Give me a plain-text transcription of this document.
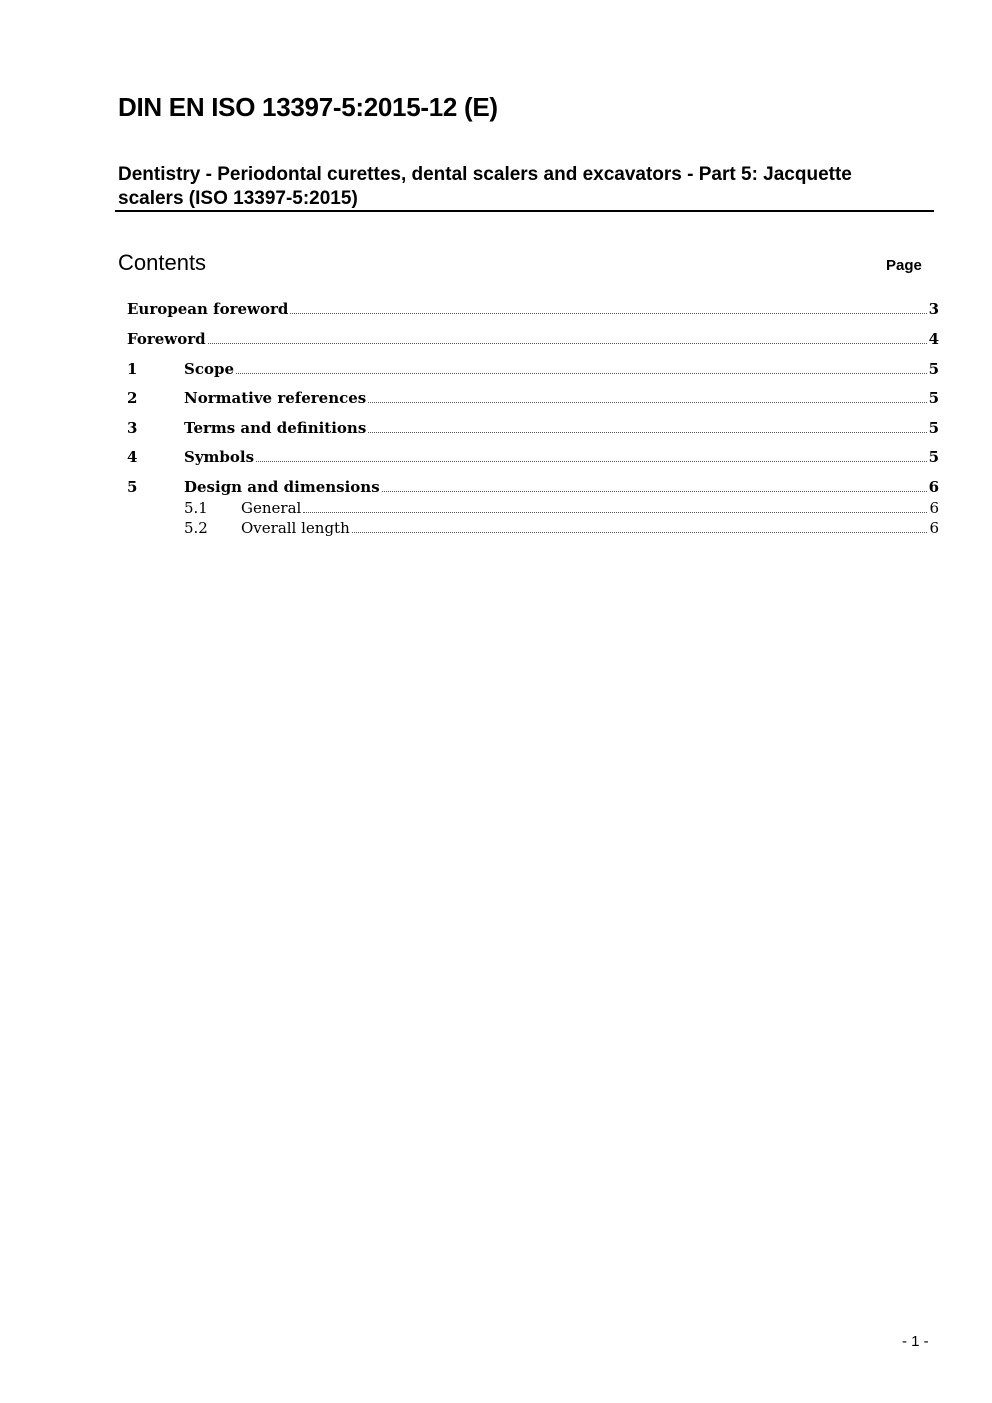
DIN EN ISO 13397-5:2015-12 (E)
Dentistry - Periodontal curettes, dental scalers and excavators - Part 5: Jacquette scalers (ISO 13397-5:2015)
Contents	Page
European foreword	3
Foreword	4
1	Scope	5
2	Normative references	5
3	Terms and definitions	5
4	Symbols	5
5	Design and dimensions	6
5.1	General	6
5.2	Overall length	6
- 1 -
